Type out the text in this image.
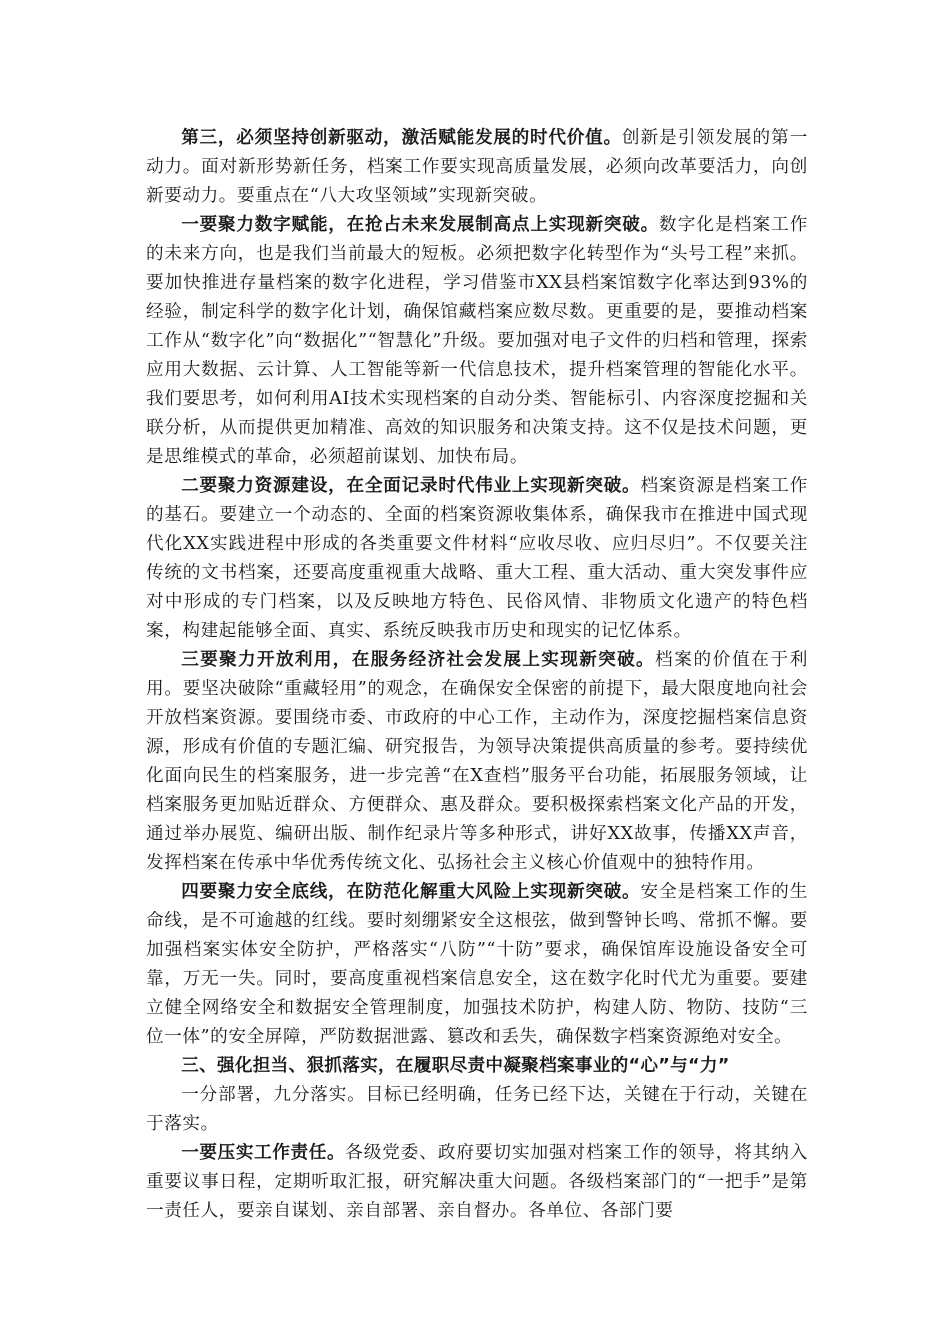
第三，必须坚持创新驱动，激活赋能发展的时代价值。创新是引领发展的第一动力。面对新形势新任务，档案工作要实现高质量发展，必须向改革要活力，向创新要动力。要重点在“八大攻坚领域”实现新突破。

一要聚力数字赋能，在抢占未来发展制高点上实现新突破。数字化是档案工作的未来方向，也是我们当前最大的短板。必须把数字化转型作为“头号工程”来抓。要加快推进存量档案的数字化进程，学习借鉴市XX县档案馆数字化率达到93%的经验，制定科学的数字化计划，确保馆藏档案应数尽数。更重要的是，要推动档案工作从“数字化”向“数据化”“智慧化”升级。要加强对电子文件的归档和管理，探索应用大数据、云计算、人工智能等新一代信息技术，提升档案管理的智能化水平。我们要思考，如何利用AI技术实现档案的自动分类、智能标引、内容深度挖掘和关联分析，从而提供更加精准、高效的知识服务和决策支持。这不仅是技术问题，更是思维模式的革命，必须超前谋划、加快布局。

二要聚力资源建设，在全面记录时代伟业上实现新突破。档案资源是档案工作的基石。要建立一个动态的、全面的档案资源收集体系，确保我市在推进中国式现代化XX实践进程中形成的各类重要文件材料“应收尽收、应归尽归”。不仅要关注传统的文书档案，还要高度重视重大战略、重大工程、重大活动、重大突发事件应对中形成的专门档案，以及反映地方特色、民俗风情、非物质文化遗产的特色档案，构建起能够全面、真实、系统反映我市历史和现实的记忆体系。

三要聚力开放利用，在服务经济社会发展上实现新突破。档案的价值在于利用。要坚决破除“重藏轻用”的观念，在确保安全保密的前提下，最大限度地向社会开放档案资源。要围绕市委、市政府的中心工作，主动作为，深度挖掘档案信息资源，形成有价值的专题汇编、研究报告，为领导决策提供高质量的参考。要持续优化面向民生的档案服务，进一步完善“在X查档”服务平台功能，拓展服务领域，让档案服务更加贴近群众、方便群众、惠及群众。要积极探索档案文化产品的开发，通过举办展览、编研出版、制作纪录片等多种形式，讲好XX故事，传播XX声音，发挥档案在传承中华优秀传统文化、弘扬社会主义核心价值观中的独特作用。

四要聚力安全底线，在防范化解重大风险上实现新突破。安全是档案工作的生命线，是不可逾越的红线。要时刻绷紧安全这根弦，做到警钟长鸣、常抓不懈。要加强档案实体安全防护，严格落实“八防”“十防”要求，确保馆库设施设备安全可靠，万无一失。同时，要高度重视档案信息安全，这在数字化时代尤为重要。要建立健全网络安全和数据安全管理制度，加强技术防护，构建人防、物防、技防“三位一体”的安全屏障，严防数据泄露、篡改和丢失，确保数字档案资源绝对安全。

三、强化担当、狠抓落实，在履职尽责中凝聚档案事业的“心”与“力”

一分部署，九分落实。目标已经明确，任务已经下达，关键在于行动，关键在于落实。

一要压实工作责任。各级党委、政府要切实加强对档案工作的领导，将其纳入重要议事日程，定期听取汇报，研究解决重大问题。各级档案部门的“一把手”是第一责任人，要亲自谋划、亲自部署、亲自督办。各单位、各部门要
